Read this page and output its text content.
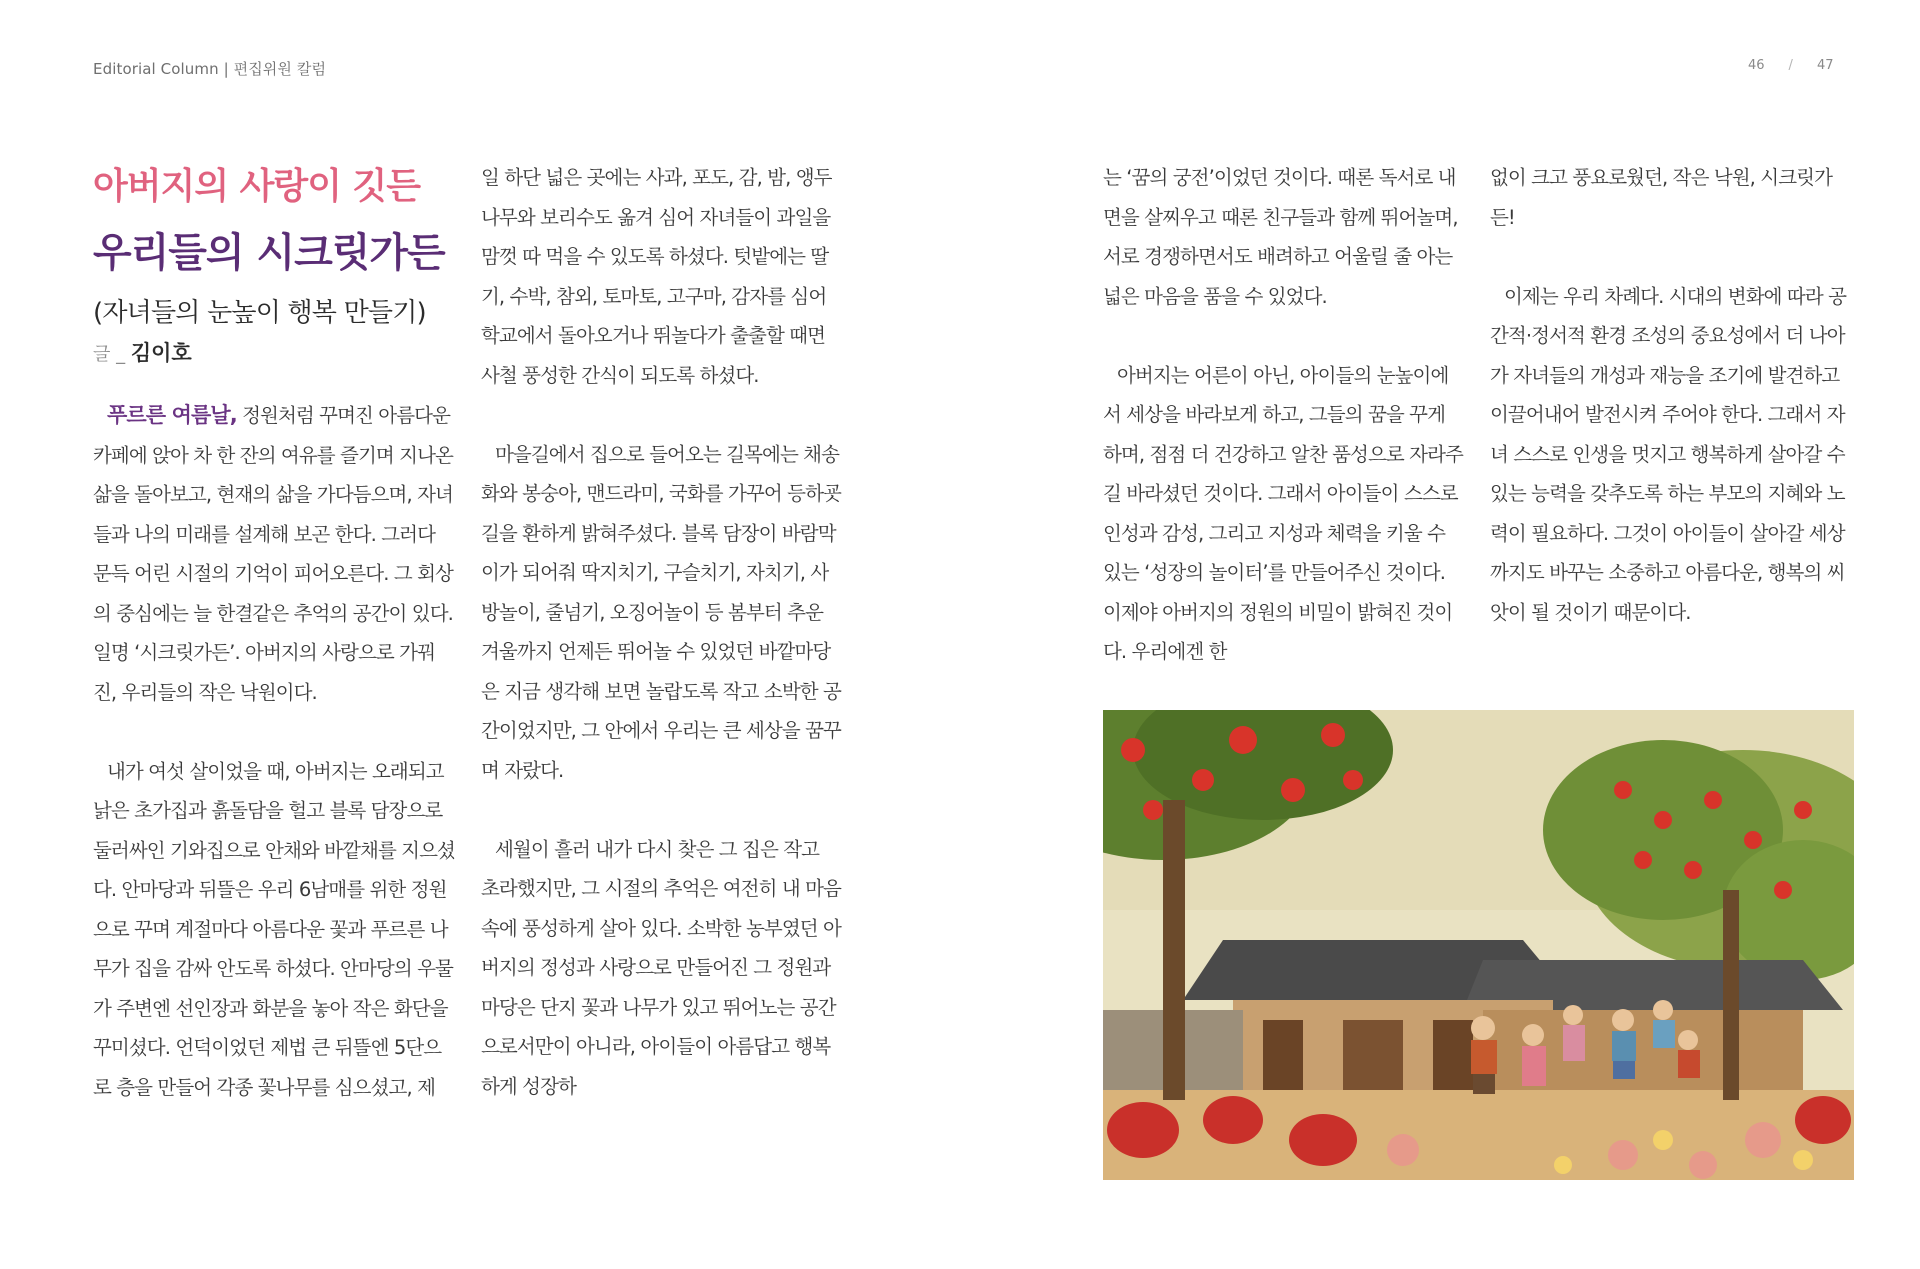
Editorial Column | 편집위원 칼럼	46 / 47
아버지의 사랑이 깃든
우리들의 시크릿가든
(자녀들의 눈높이 행복 만들기)
글 _ 김이호

푸르른 여름날, 정원처럼 꾸며진 아름다운 카페에 앉아 차 한 잔의 여유를 즐기며 지나온 삶을 돌아보고, 현재의 삶을 가다듬으며, 자녀들과 나의 미래를 설계해 보곤 한다. 그러다 문득 어린 시절의 기억이 피어오른다. 그 회상의 중심에는 늘 한결같은 추억의 공간이 있다. 일명 ‘시크릿가든’. 아버지의 사랑으로 가꿔진, 우리들의 작은 낙원이다.

내가 여섯 살이었을 때, 아버지는 오래되고 낡은 초가집과 흙돌담을 헐고 블록 담장으로 둘러싸인 기와집으로 안채와 바깥채를 지으셨다. 안마당과 뒤뜰은 우리 6남매를 위한 정원으로 꾸며 계절마다 아름다운 꽃과 푸르른 나무가 집을 감싸 안도록 하셨다. 안마당의 우물가 주변엔 선인장과 화분을 놓아 작은 화단을 꾸미셨다. 언덕이었던 제법 큰 뒤뜰엔 5단으로 층을 만들어 각종 꽃나무를 심으셨고, 제

일 하단 넓은 곳에는 사과, 포도, 감, 밤, 앵두나무와 보리수도 옮겨 심어 자녀들이 과일을 맘껏 따 먹을 수 있도록 하셨다. 텃밭에는 딸기, 수박, 참외, 토마토, 고구마, 감자를 심어 학교에서 돌아오거나 뛰놀다가 출출할 때면 사철 풍성한 간식이 되도록 하셨다.

마을길에서 집으로 들어오는 길목에는 채송화와 봉숭아, 맨드라미, 국화를 가꾸어 등하굣길을 환하게 밝혀주셨다. 블록 담장이 바람막이가 되어줘 딱지치기, 구슬치기, 자치기, 사방놀이, 줄넘기, 오징어놀이 등 봄부터 추운 겨울까지 언제든 뛰어놀 수 있었던 바깥마당은 지금 생각해 보면 놀랍도록 작고 소박한 공간이었지만, 그 안에서 우리는 큰 세상을 꿈꾸며 자랐다.

세월이 흘러 내가 다시 찾은 그 집은 작고 초라했지만, 그 시절의 추억은 여전히 내 마음속에 풍성하게 살아 있다. 소박한 농부였던 아버지의 정성과 사랑으로 만들어진 그 정원과 마당은 단지 꽃과 나무가 있고 뛰어노는 공간으로서만이 아니라, 아이들이 아름답고 행복하게 성장하

는 ‘꿈의 궁전’이었던 것이다. 때론 독서로 내면을 살찌우고 때론 친구들과 함께 뛰어놀며, 서로 경쟁하면서도 배려하고 어울릴 줄 아는 넓은 마음을 품을 수 있었다.

아버지는 어른이 아닌, 아이들의 눈높이에서 세상을 바라보게 하고, 그들의 꿈을 꾸게 하며, 점점 더 건강하고 알찬 품성으로 자라주길 바라셨던 것이다. 그래서 아이들이 스스로 인성과 감성, 그리고 지성과 체력을 키울 수 있는 ‘성장의 놀이터’를 만들어주신 것이다. 이제야 아버지의 정원의 비밀이 밝혀진 것이다. 우리에겐 한

없이 크고 풍요로웠던, 작은 낙원, 시크릿가든!

이제는 우리 차례다. 시대의 변화에 따라 공간적·정서적 환경 조성의 중요성에서 더 나아가 자녀들의 개성과 재능을 조기에 발견하고 이끌어내어 발전시켜 주어야 한다. 그래서 자녀 스스로 인생을 멋지고 행복하게 살아갈 수 있는 능력을 갖추도록 하는 부모의 지혜와 노력이 필요하다. 그것이 아이들이 살아갈 세상까지도 바꾸는 소중하고 아름다운, 행복의 씨앗이 될 것이기 때문이다.
